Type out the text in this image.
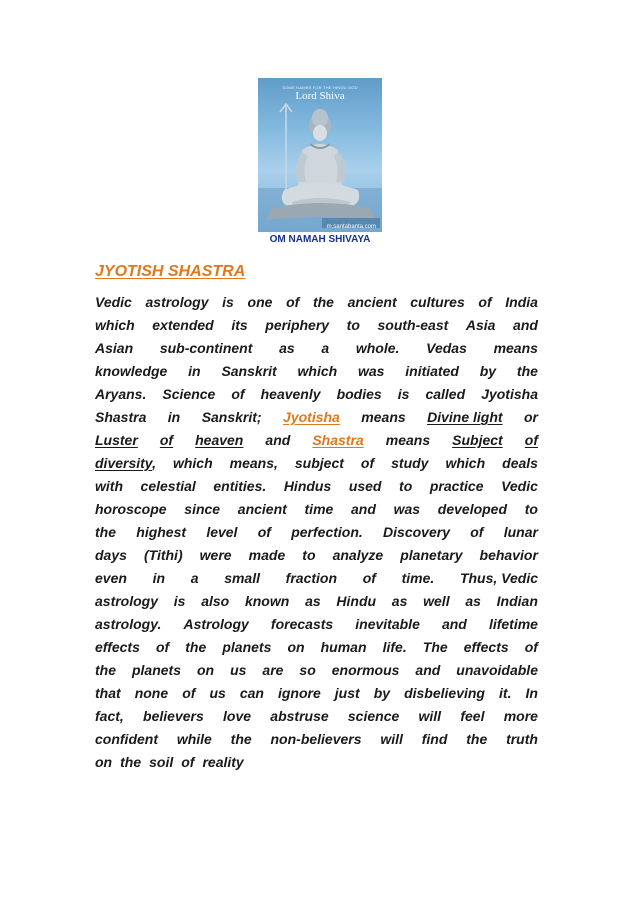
SOME NAMES FOR THE HINDU GOD
Lord Shiva
m.santabanta.com
OM NAMAH SHIVAYA
JYOTISH SHASTRA
Vedic astrology is one of the ancient cultures of India
which extended its periphery to south-east Asia and
Asian sub-continent as a whole. Vedas means
knowledge in Sanskrit which was initiated by the
Aryans. Science of heavenly bodies is called Jyotisha
Shastra in Sanskrit; Jyotisha means Divine light or
Luster of heaven and Shastra means Subject of
diversity, which means, subject of study which deals
with celestial entities. Hindus used to practice Vedic
horoscope since ancient time and was developed to
the highest level of perfection. Discovery of lunar
days (Tithi) were made to analyze planetary behavior
even in a small fraction of time. Thus, Vedic
astrology is also known as Hindu as well as Indian
astrology. Astrology forecasts inevitable and lifetime
effects of the planets on human life. The effects of
the planets on us are so enormous and unavoidable
that none of us can ignore just by disbelieving it. In
fact, believers love abstruse science will feel more
confident while the non-believers will find the truth
on the soil of reality
